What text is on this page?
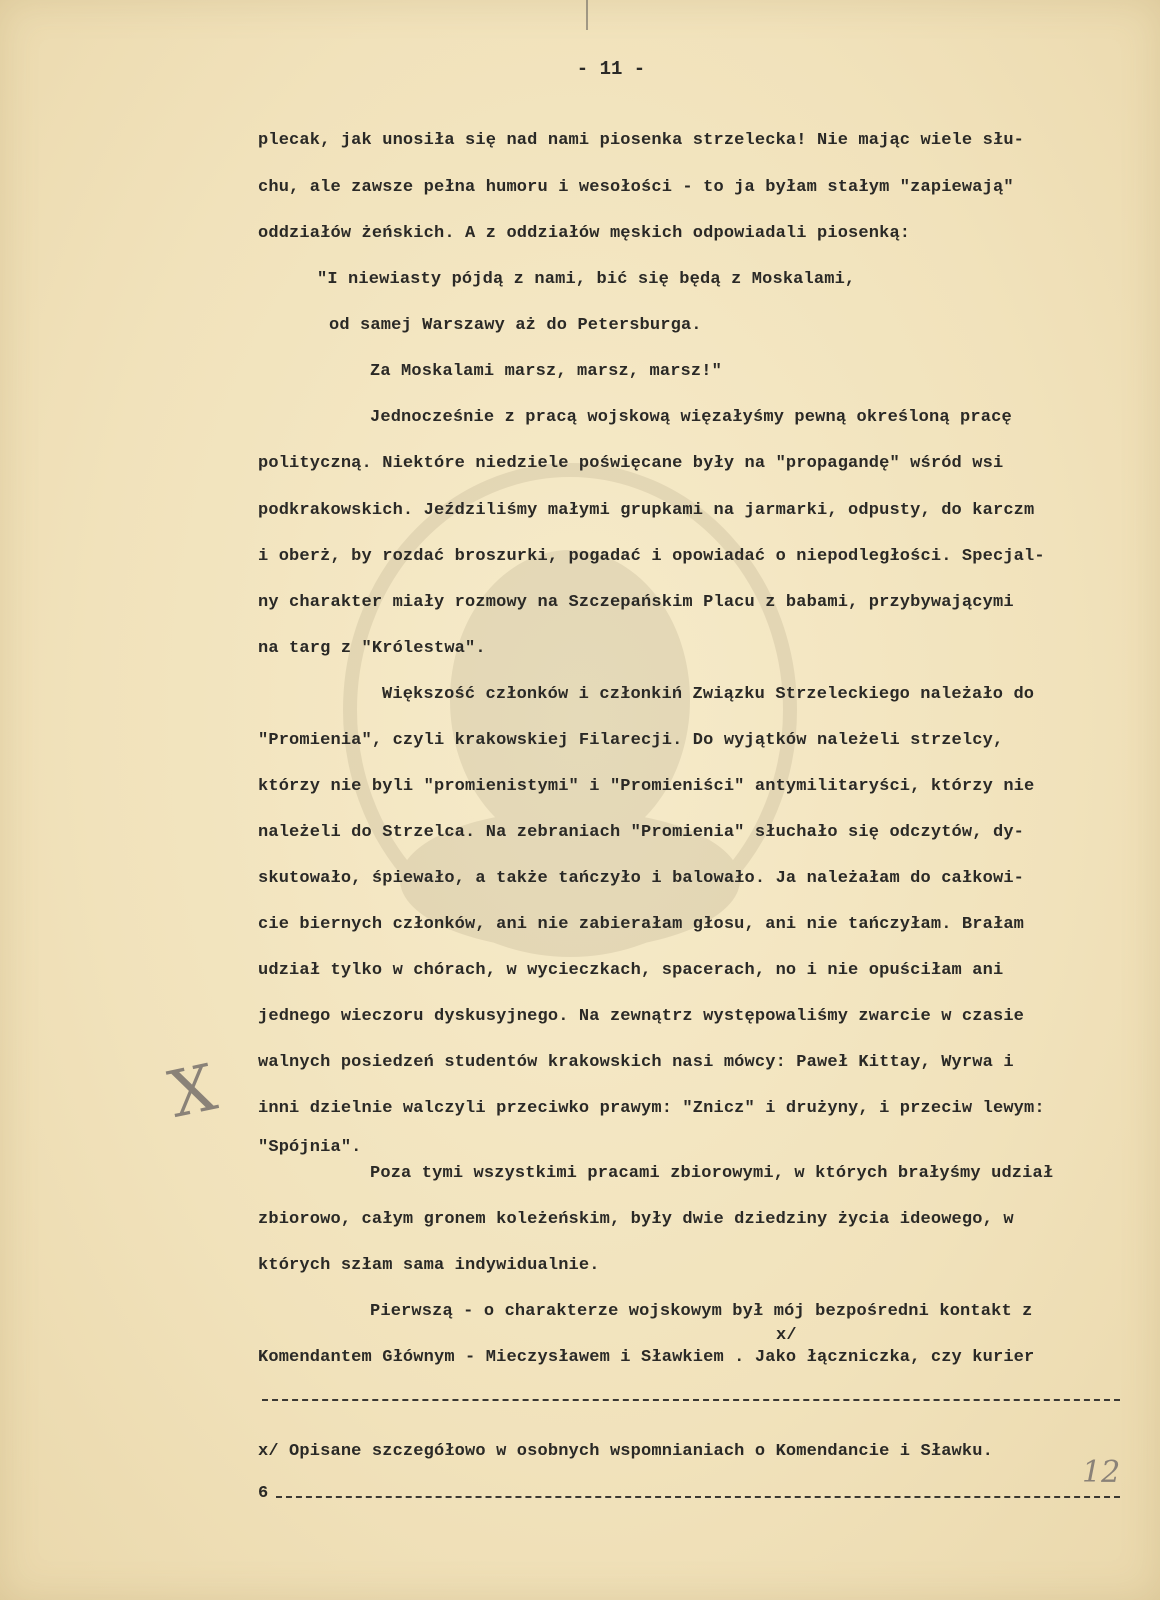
- 11 -
plecak, jak unosiła się nad nami piosenka strzelecka! Nie mając wiele słu-
chu, ale zawsze pełna humoru i wesołości - to ja byłam stałym "zapiewają"
oddziałów żeńskich. A z oddziałów męskich odpowiadali piosenką:
"I niewiasty pójdą z nami, bić się będą z Moskalami,
od samej Warszawy aż do Petersburga.
Za Moskalami marsz, marsz, marsz!"
Jednocześnie z pracą wojskową więzałyśmy pewną określoną pracę
polityczną. Niektóre niedziele poświęcane były na "propagandę" wśród wsi
podkrakowskich. Jeździliśmy małymi grupkami na jarmarki, odpusty, do karczm
i oberż, by rozdać broszurki, pogadać i opowiadać o niepodległości. Specjal-
ny charakter miały rozmowy na Szczepańskim Placu z babami, przybywającymi
na targ z "Królestwa".
Większość członków i członkiń Związku Strzeleckiego należało do
"Promienia", czyli krakowskiej Filarecji. Do wyjątków należeli strzelcy,
którzy nie byli "promienistymi" i "Promieniści" antymilitaryści, którzy nie
należeli do Strzelca. Na zebraniach "Promienia" słuchało się odczytów, dy-
skutowało, śpiewało, a także tańczyło i balowało. Ja należałam do całkowi-
cie biernych członków, ani nie zabierałam głosu, ani nie tańczyłam. Brałam
udział tylko w chórach, w wycieczkach, spacerach, no i nie opuściłam ani
jednego wieczoru dyskusyjnego. Na zewnątrz występowaliśmy zwarcie w czasie
walnych posiedzeń studentów krakowskich nasi mówcy: Paweł Kittay, Wyrwa i
inni dzielnie walczyli przeciwko prawym: "Znicz" i drużyny, i przeciw lewym:
"Spójnia".
Poza tymi wszystkimi pracami zbiorowymi, w których brałyśmy udział
zbiorowo, całym gronem koleżeńskim, były dwie dziedziny życia ideowego, w
których szłam sama indywidualnie.
Pierwszą - o charakterze wojskowym był mój bezpośredni kontakt z
x/
Komendantem Głównym - Mieczysławem i Sławkiem . Jako łączniczka, czy kurier
x/ Opisane szczegółowo w osobnych wspomnianiach o Komendancie i Sławku.
6
X
12
